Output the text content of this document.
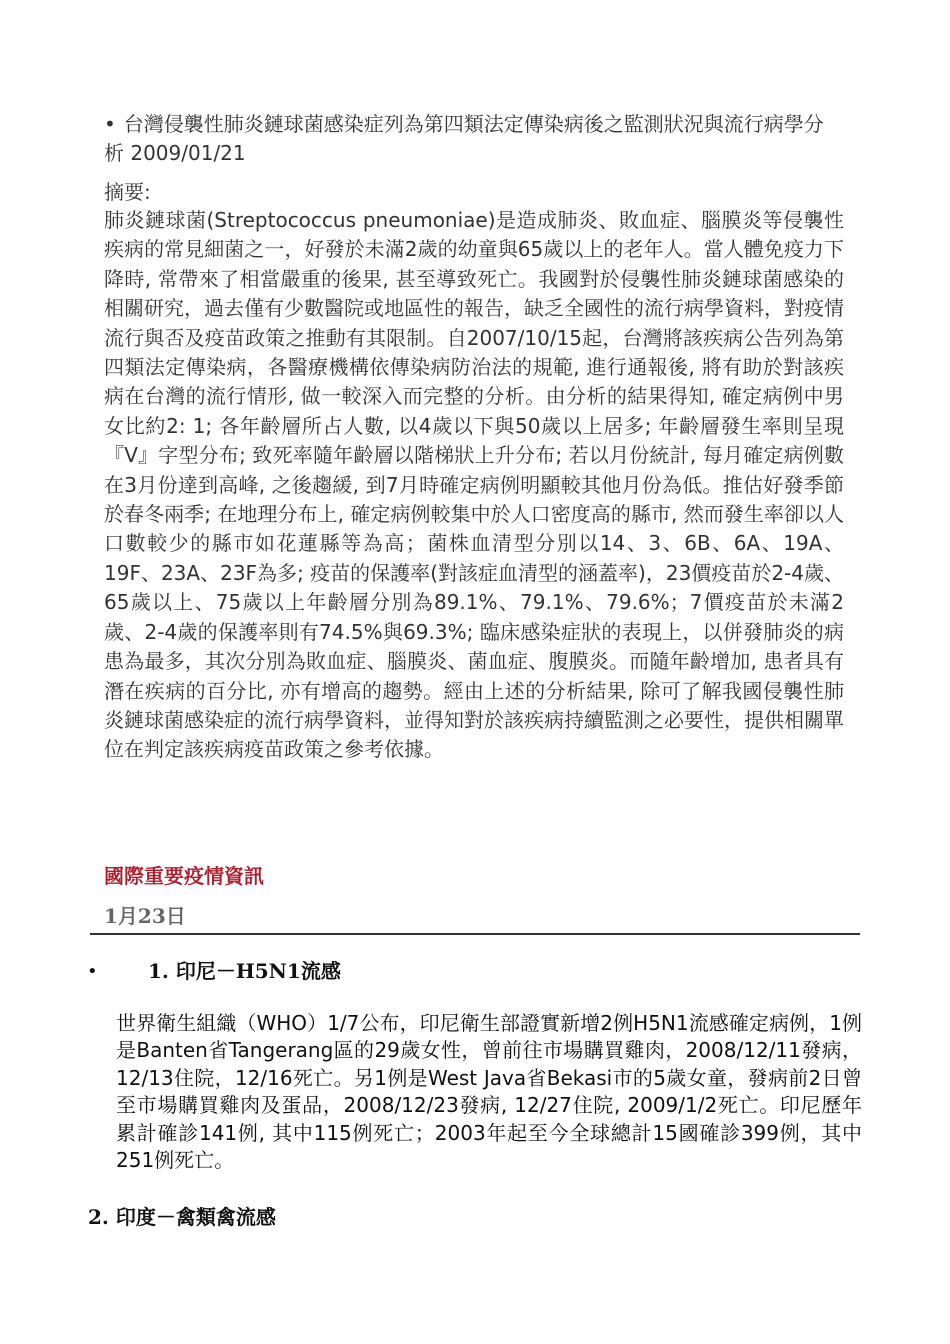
• 台灣侵襲性肺炎鏈球菌感染症列為第四類法定傳染病後之監測狀況與流行病學分析 2009/01/21
摘要:
肺炎鏈球菌(Streptococcus pneumoniae)是造成肺炎、敗血症、腦膜炎等侵襲性疾病的常見細菌之一，好發於未滿2歲的幼童與65歲以上的老年人。當人體免疫力下降時, 常帶來了相當嚴重的後果, 甚至導致死亡。我國對於侵襲性肺炎鏈球菌感染的相關研究，過去僅有少數醫院或地區性的報告，缺乏全國性的流行病學資料，對疫情流行與否及疫苗政策之推動有其限制。自2007/10/15起，台灣將該疾病公告列為第四類法定傳染病，各醫療機構依傳染病防治法的規範, 進行通報後, 將有助於對該疾病在台灣的流行情形, 做一較深入而完整的分析。由分析的結果得知, 確定病例中男女比約2: 1; 各年齡層所占人數, 以4歲以下與50歲以上居多; 年齡層發生率則呈現『V』字型分布; 致死率隨年齡層以階梯狀上升分布; 若以月份統計, 每月確定病例數在3月份達到高峰, 之後趨緩, 到7月時確定病例明顯較其他月份為低。推估好發季節於春冬兩季; 在地理分布上, 確定病例較集中於人口密度高的縣市, 然而發生率卻以人口數較少的縣市如花蓮縣等為高；菌株血清型分別以14、3、6B、6A、19A、19F、23A、23F為多; 疫苗的保護率(對該症血清型的涵蓋率)，23價疫苗於2-4歲、65歲以上、75歲以上年齡層分別為89.1%、79.1%、79.6%；7價疫苗於未滿2歲、2-4歲的保護率則有74.5%與69.3%; 臨床感染症狀的表現上，以併發肺炎的病患為最多，其次分別為敗血症、腦膜炎、菌血症、腹膜炎。而隨年齡增加, 患者具有潛在疾病的百分比, 亦有增高的趨勢。經由上述的分析結果, 除可了解我國侵襲性肺炎鏈球菌感染症的流行病學資料，並得知對於該疾病持續監測之必要性，提供相關單位在判定該疾病疫苗政策之參考依據。
國際重要疫情資訊
1月23日
•	1. 印尼－H5N1流感
世界衛生組織（WHO）1/7公布，印尼衛生部證實新增2例H5N1流感確定病例，1例是Banten省Tangerang區的29歲女性，曾前往市場購買雞肉，2008/12/11發病，12/13住院，12/16死亡。另1例是West Java省Bekasi市的5歲女童，發病前2日曾至市場購買雞肉及蛋品，2008/12/23發病, 12/27住院, 2009/1/2死亡。印尼歷年累計確診141例, 其中115例死亡；2003年起至今全球總計15國確診399例，其中251例死亡。
2. 印度－禽類禽流感
